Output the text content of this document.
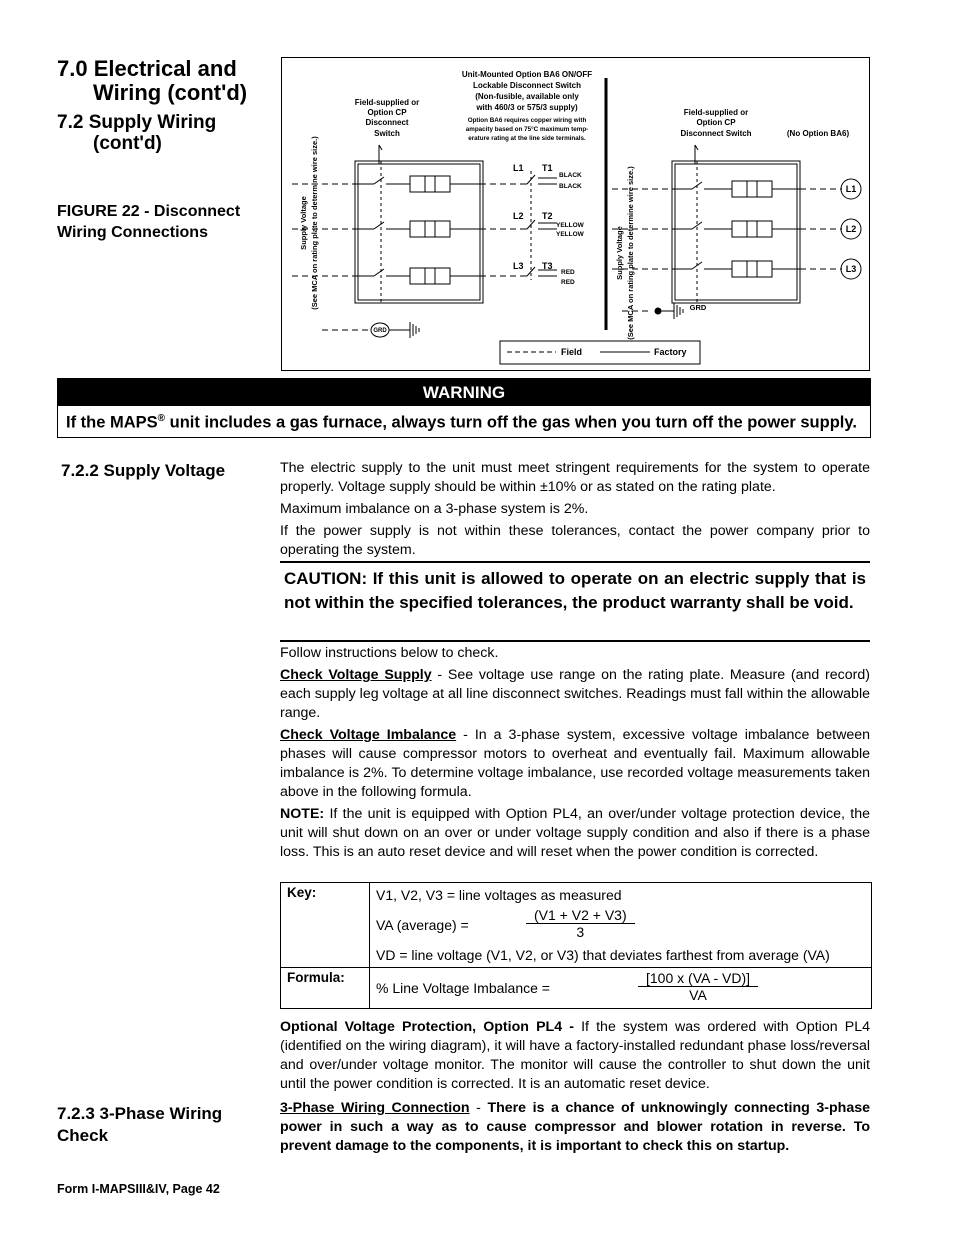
7.0 Electrical and
Wiring (cont'd)
7.2 Supply Wiring
(cont'd)
FIGURE 22 - Disconnect Wiring Connections
Unit-Mounted Option BA6 ON/OFF
Lockable Disconnect Switch
(Non-fusible, available only
with 460/3 or 575/3 supply)
Field-supplied or
Option CP
Disconnect
Switch
Field-supplied or
Option CP
Disconnect Switch	(No Option BA6)
Option BA6 requires copper wiring with
ampacity based on 75°C maximum temp-
erature rating at the line side terminals.
Supply Voltage (See MCA on rating plate to determine wire size.)	Supply Voltage (See MCA on rating plate to determine wire size.)
L1
L2
L3
T1
T2
T3
BLACK
BLACK
YELLOW
YELLOW
RED
RED
L1
L2
L3
GRD
GRD
Field	Factory
WARNING
If the MAPS® unit includes a gas furnace, always turn off the gas when you turn off the power supply.
7.2.2 Supply Voltage	The electric supply to the unit must meet stringent requirements for the system to operate properly. Voltage supply should be within ±10% or as stated on the rating plate.

Maximum imbalance on a 3-phase system is 2%.

If the power supply is not within these tolerances, contact the power company prior to operating the system.

CAUTION: If this unit is allowed to operate on an electric supply that is not within the specified tolerances, the product warranty shall be void.

Follow instructions below to check.

Check Voltage Supply - See voltage use range on the rating plate. Measure (and record) each supply leg voltage at all line disconnect switches. Readings must fall within the allowable range.

Check Voltage Imbalance - In a 3-phase system, excessive voltage imbalance between phases will cause compressor motors to overheat and eventually fail. Maximum allowable imbalance is 2%. To determine voltage imbalance, use recorded voltage measurements taken above in the following formula.

NOTE: If the unit is equipped with Option PL4, an over/under voltage protection device, the unit will shut down on an over or under voltage supply condition and also if there is a phase loss. This is an auto reset device and will reset when the power condition is corrected.

Key:	V1, V2, V3 = line voltages as measured
VA (average) = $\frac{(V1 + V2 + V3)}{3}$
VD = line voltage (V1, V2, or V3) that deviates farthest from average (VA)

Formula:	% Line Voltage Imbalance = $\frac{[100 x (VA - VD)]}{VA}$

Optional Voltage Protection, Option PL4 - If the system was ordered with Option PL4 (identified on the wiring diagram), it will have a factory-installed redundant phase loss/reversal and over/under voltage monitor. The monitor will cause the controller to shut down the unit until the power condition is corrected. It is an automatic reset device.

7.2.3 3-Phase Wiring Check

3-Phase Wiring Connection - There is a chance of unknowingly connecting 3-phase power in such a way as to cause compressor and blower rotation in reverse. To prevent damage to the components, it is important to check this on startup.

Form I-MAPSIII&IV, Page 42
